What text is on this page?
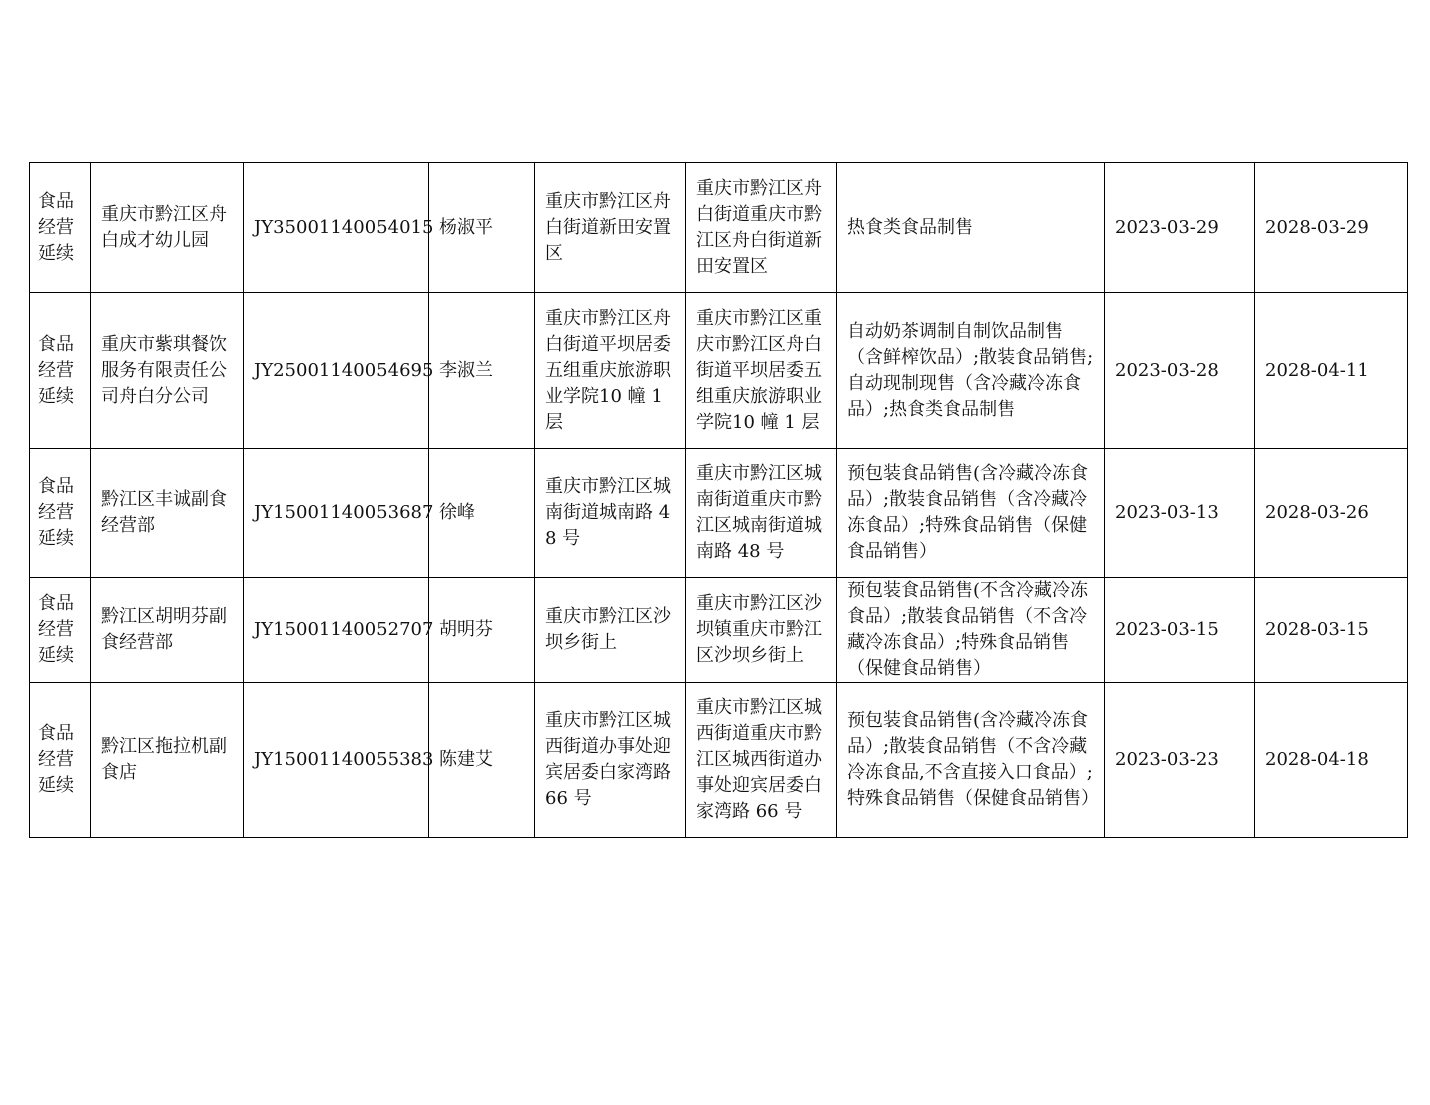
食品经营延续	重庆市黔江区舟白成才幼儿园	JY35001140054015	杨淑平	重庆市黔江区舟白街道新田安置区	重庆市黔江区舟白街道重庆市黔江区舟白街道新田安置区	热食类食品制售	2023-03-29	2028-03-29

食品经营延续	重庆市紫琪餐饮服务有限责任公司舟白分公司	JY25001140054695	李淑兰	重庆市黔江区舟白街道平坝居委五组重庆旅游职业学院10 幢 1 层	重庆市黔江区重庆市黔江区舟白街道平坝居委五组重庆旅游职业学院10 幢 1 层	自动奶茶调制自制饮品制售（含鲜榨饮品）;散装食品销售;自动现制现售（含冷藏冷冻食品）;热食类食品制售	2023-03-28	2028-04-11

食品经营延续	黔江区丰诚副食经营部	JY15001140053687	徐峰	重庆市黔江区城南街道城南路 48 号	重庆市黔江区城南街道重庆市黔江区城南街道城南路 48 号	预包装食品销售(含冷藏冷冻食品）;散装食品销售（含冷藏冷冻食品）;特殊食品销售（保健食品销售）	2023-03-13	2028-03-26

食品经营延续	黔江区胡明芬副食经营部	JY15001140052707	胡明芬	重庆市黔江区沙坝乡街上	重庆市黔江区沙坝镇重庆市黔江区沙坝乡街上	预包装食品销售(不含冷藏冷冻食品）;散装食品销售（不含冷藏冷冻食品）;特殊食品销售（保健食品销售）	2023-03-15	2028-03-15

食品经营延续	黔江区拖拉机副食店	JY15001140055383	陈建艾	重庆市黔江区城西街道办事处迎宾居委白家湾路 66 号	重庆市黔江区城西街道重庆市黔江区城西街道办事处迎宾居委白家湾路 66 号	预包装食品销售(含冷藏冷冻食品）;散装食品销售（不含冷藏冷冻食品,不含直接入口食品）;特殊食品销售（保健食品销售）	2023-03-23	2028-04-18
